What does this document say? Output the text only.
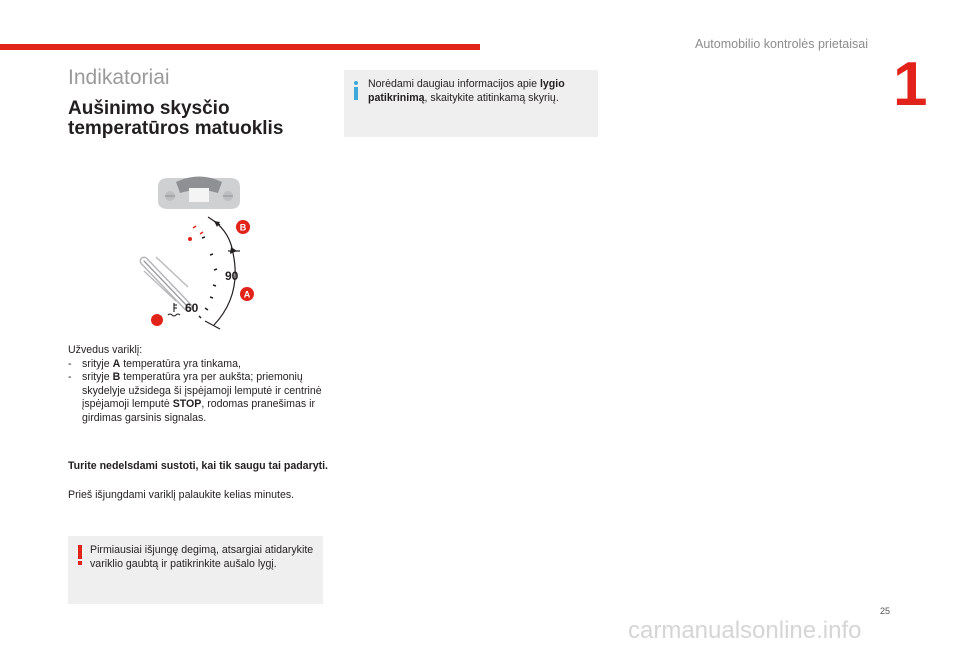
Automobilio kontrolės prietaisai
1
Indikatoriai
Aušinimo skysčio
temperatūros matuoklis
Norėdami daugiau informacijos apie lygio patikrinimą, skaitykite atitinkamą skyrių.
90
60
B
A
Užvedus variklį:
- srityje A temperatūra yra tinkama,
- srityje B temperatūra yra per aukšta; priemonių skydelyje užsidega ši įspėjamoji lemputė ir centrinė įspėjamoji lemputė STOP, rodomas pranešimas ir girdimas garsinis signalas.
Turite nedelsdami sustoti, kai tik saugu tai padaryti.
Prieš išjungdami variklį palaukite kelias minutes.
Pirmiausiai išjungę degimą, atsargiai atidarykite variklio gaubtą ir patikrinkite aušalo lygį.
25
carmanualsonline.info
